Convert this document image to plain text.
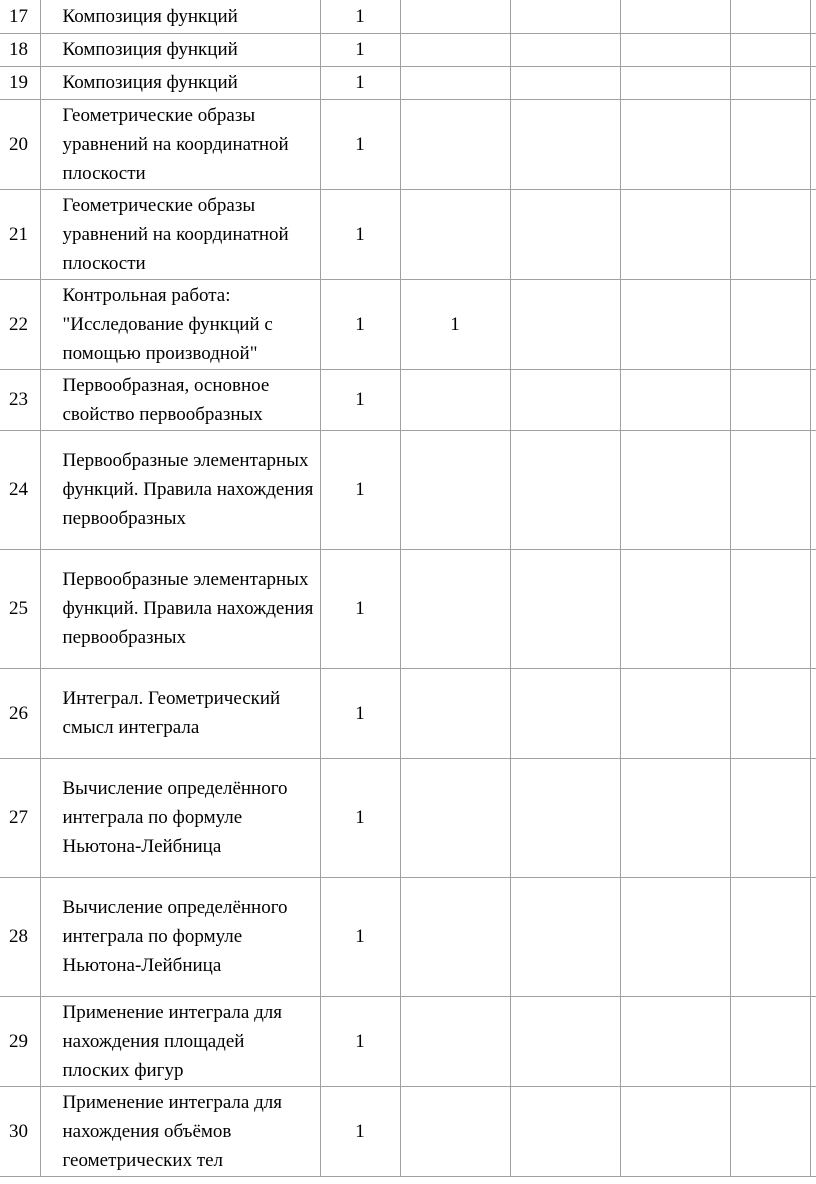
17	Композиция функций	1					
18	Композиция функций	1					
19	Композиция функций	1					
20	Геометрические образы уравнений на координатной плоскости	1					
21	Геометрические образы уравнений на координатной плоскости	1					
22	Контрольная работа: "Исследование функций с помощью производной"	1	1				
23	Первообразная, основное свойство первообразных	1					
24	Первообразные элементарных функций. Правила нахождения первообразных	1					
25	Первообразные элементарных функций. Правила нахождения первообразных	1					
26	Интеграл. Геометрический смысл интеграла	1					
27	Вычисление определённого интеграла по формуле Ньютона-Лейбница	1					
28	Вычисление определённого интеграла по формуле Ньютона-Лейбница	1					
29	Применение интеграла для нахождения площадей плоских фигур	1					
30	Применение интеграла для нахождения объёмов геометрических тел	1					
